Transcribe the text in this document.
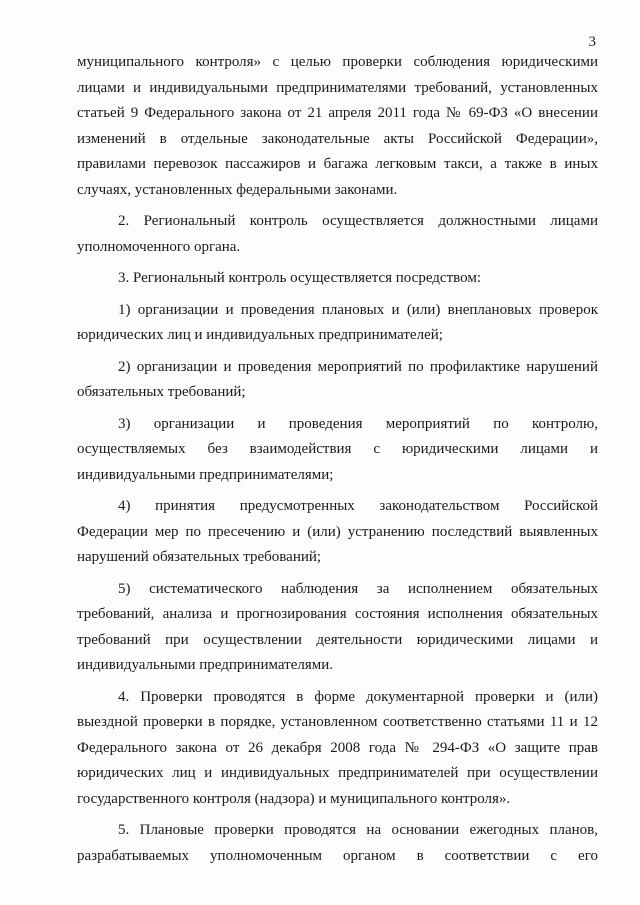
3
муниципального контроля» с целью проверки соблюдения юридическими
лицами и индивидуальными предпринимателями требований, установленных
статьей 9 Федерального закона от 21 апреля 2011 года № 69-ФЗ «О внесении
изменений в отдельные законодательные акты Российской Федерации»,
правилами перевозок пассажиров и багажа легковым такси, а также в иных
случаях, установленных федеральными законами.
2. Региональный контроль осуществляется должностными лицами
уполномоченного органа.
3. Региональный контроль осуществляется посредством:
1) организации и проведения плановых и (или) внеплановых проверок
юридических лиц и индивидуальных предпринимателей;
2) организации и проведения мероприятий по профилактике нарушений
обязательных требований;
3) организации и проведения мероприятий по контролю,
осуществляемых без взаимодействия с юридическими лицами и
индивидуальными предпринимателями;
4) принятия предусмотренных законодательством Российской
Федерации мер по пресечению и (или) устранению последствий выявленных
нарушений обязательных требований;
5) систематического наблюдения за исполнением обязательных
требований, анализа и прогнозирования состояния исполнения обязательных
требований при осуществлении деятельности юридическими лицами и
индивидуальными предпринимателями.
4. Проверки проводятся в форме документарной проверки и (или)
выездной проверки в порядке, установленном соответственно статьями 11 и 12
Федерального закона от 26 декабря 2008 года № 294-ФЗ «О защите прав
юридических лиц и индивидуальных предпринимателей при осуществлении
государственного контроля (надзора) и муниципального контроля».
5. Плановые проверки проводятся на основании ежегодных планов,
разрабатываемых уполномоченным органом в соответствии с его
